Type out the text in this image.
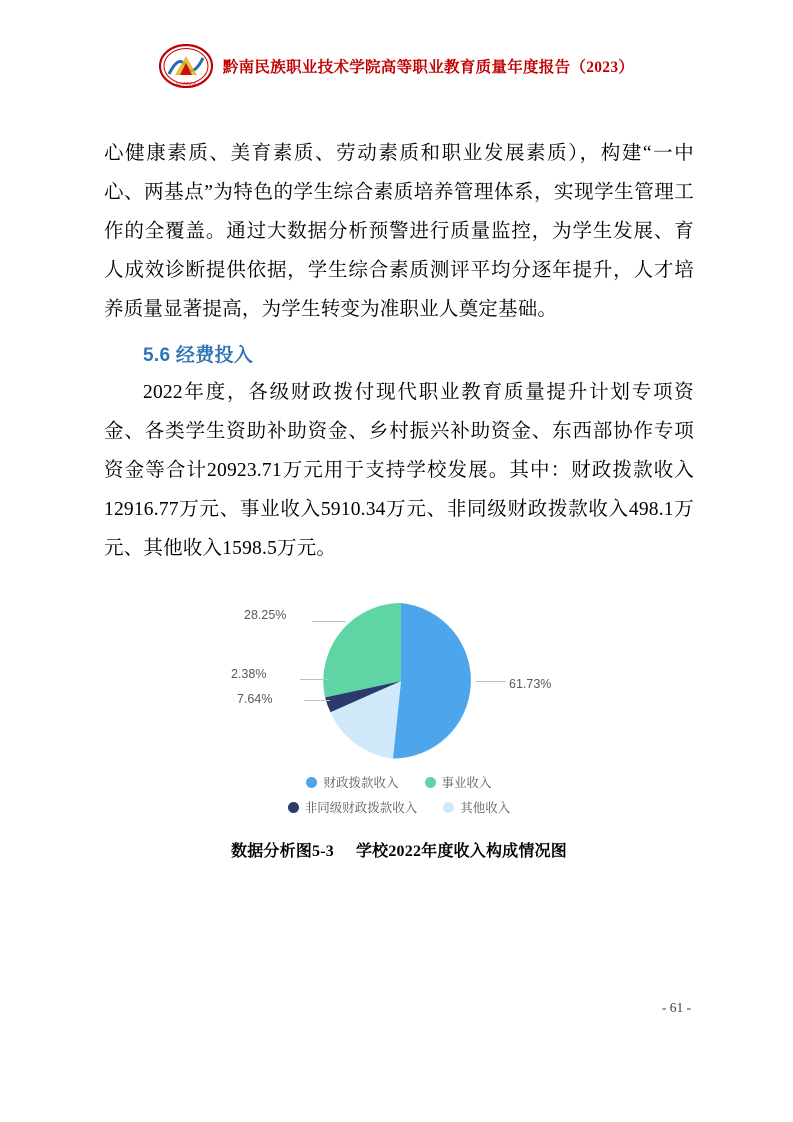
QIANNAN
黔南民族职业技术学院高等职业教育质量年度报告（2023）

心健康素质、美育素质、劳动素质和职业发展素质），构建“一中心、两基点”为特色的学生综合素质培养管理体系，实现学生管理工作的全覆盖。通过大数据分析预警进行质量监控，为学生发展、育人成效诊断提供依据，学生综合素质测评平均分逐年提升，人才培养质量显著提高，为学生转变为准职业人奠定基础。

5.6 经费投入

2022年度，各级财政拨付现代职业教育质量提升计划专项资金、各类学生资助补助资金、乡村振兴补助资金、东西部协作专项资金等合计20923.71万元用于支持学校发展。其中：财政拨款收入12916.77万元、事业收入5910.34万元、非同级财政拨款收入498.1万元、其他收入1598.5万元。

61.73%
28.25%
2.38%
7.64%
财政拨款收入	事业收入
非同级财政拨款收入	其他收入
数据分析图5-3 学校2022年度收入构成情况图
- 61 -
